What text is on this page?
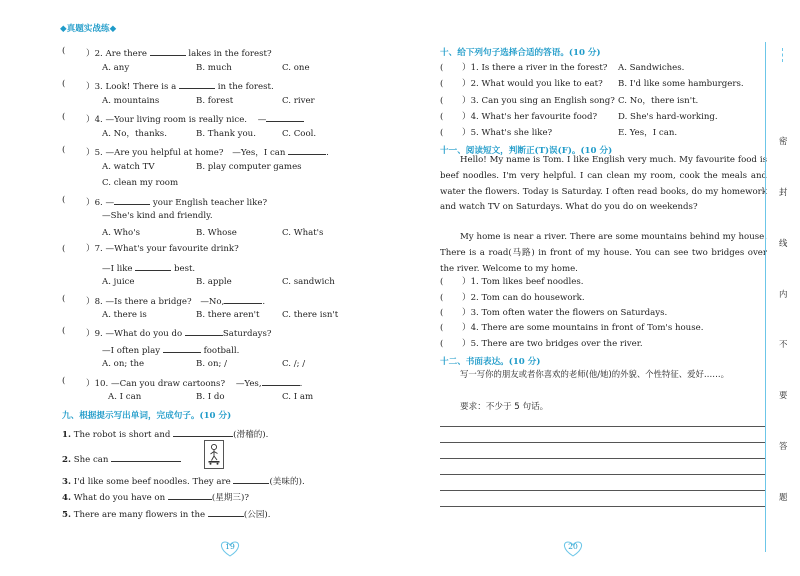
◆真题实战练◆
( ）2. Are there	lakes in the forest?
A. any	B. much	C. one
( ）3. Look! There is a	in the forest.
A. mountains	B. forest	C. river
( ）4. —Your living room is really nice. —
A. No，thanks.	B. Thank you.	C. Cool.
( ）5. —Are you helpful at home? —Yes，I can	.
A. watch TV	B. play computer games
C. clean my room
( ）6. —	your English teacher like?
—She's kind and friendly.
A. Who's	B. Whose	C. What's
( ）7. —What's your favourite drink?
—I like	best.
A. juice	B. apple	C. sandwich
( ）8. —Is there a bridge? —No,	.
A. there is	B. there aren't	C. there isn't
( ）9. —What do you do	Saturdays?
—I often play	football.
A. on; the	B. on; /	C. /; /
( ）10. —Can you draw cartoons? —Yes,	.
A. I can	B. I do	C. I am
九、根据提示写出单词，完成句子。(10 分)
1. The robot is short and	(滑稽的).
2. She can
3. I'd like some beef noodles. They are	(美味的).
4. What do you have on	(星期三)?
5. There are many flowers in the	(公园).
19
十、给下列句子选择合适的答语。(10 分)
( ）1. Is there a river in the forest? A. Sandwiches.
( ）2. What would you like to eat? B. I'd like some hamburgers.
( ）3. Can you sing an English song? C. No，there isn't.
( ）4. What's her favourite food? D. She's hard-working.
( ）5. What's she like?	E. Yes，I can.
十一、阅读短文，判断正(T)误(F)。(10 分)
Hello! My name is Tom. I like English very much. My favourite food is beef noodles. I'm very helpful. I can clean my room, cook the meals and water the flowers. Today is Saturday. I often read books, do my homework and watch TV on Saturdays. What do you do on weekends?
My home is near a river. There are some mountains behind my house. There is a road(马路) in front of my house. You can see two bridges over the river. Welcome to my home.
( ）1. Tom likes beef noodles.
( ）2. Tom can do housework.
( ）3. Tom often water the flowers on Saturdays.
( ）4. There are some mountains in front of Tom's house.
( ）5. There are two bridges over the river.
十二、书面表达。(10 分)
写一写你的朋友或者你喜欢的老师(他/她)的外貌、个性特征、爱好……。
要求：不少于 5 句话。
20
密
封
线
内
不
要
答
题
